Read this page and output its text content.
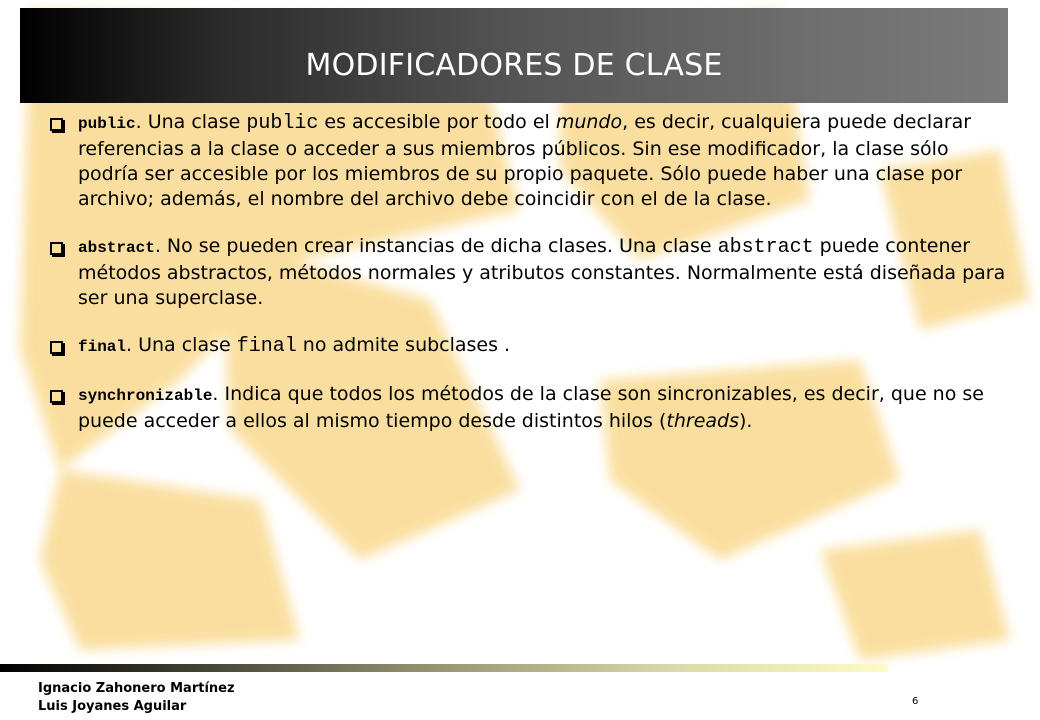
MODIFICADORES DE CLASE
public. Una clase public es accesible por todo el mundo, es decir, cualquiera puede declarar referencias a la clase o acceder a sus miembros públicos. Sin ese modificador, la clase sólo podría ser accesible por los miembros de su propio paquete. Sólo puede haber una clase por archivo; además, el nombre del archivo debe coincidir con el de la clase.
abstract. No se pueden crear instancias de dicha clases. Una clase abstract puede contener métodos abstractos, métodos normales y atributos constantes. Normalmente está diseñada para ser una superclase.
final. Una clase final no admite subclases .
synchronizable. Indica que todos los métodos de la clase son sincronizables, es decir, que no se puede acceder a ellos al mismo tiempo desde distintos hilos (threads).
Ignacio Zahonero Martínez
Luis Joyanes Aguilar	6
